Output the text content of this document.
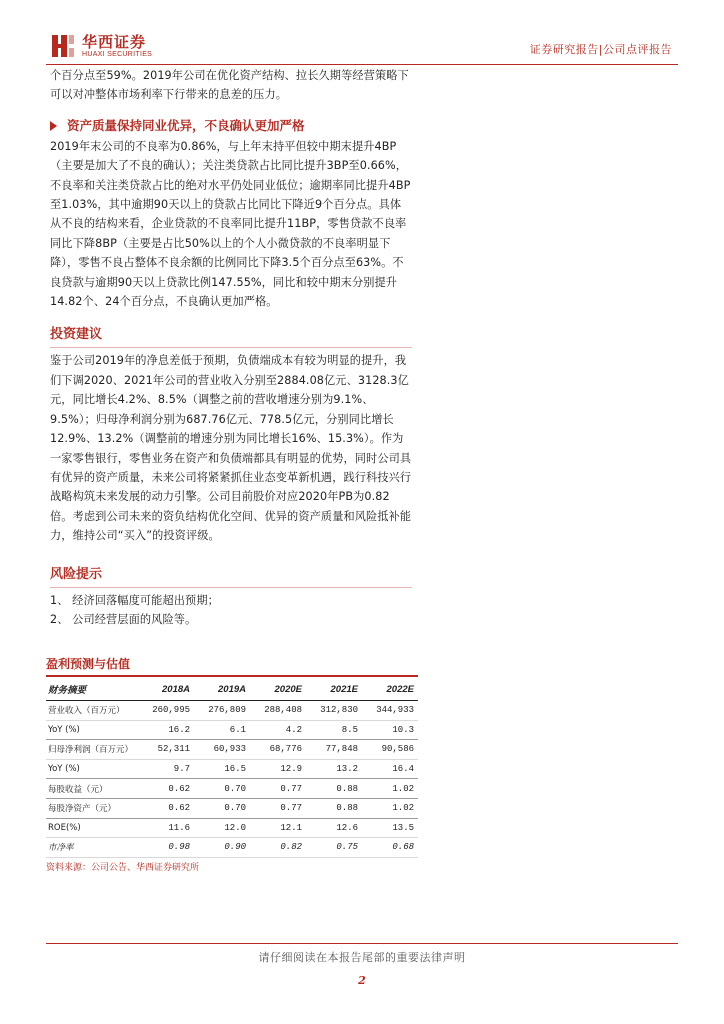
华西证券
HUAXI SECURITIES	证券研究报告|公司点评报告

个百分点至59%。2019年公司在优化资产结构、拉长久期等经营策略下可以对冲整体市场利率下行带来的息差的压力。

资产质量保持同业优异，不良确认更加严格

2019年末公司的不良率为0.86%，与上年末持平但较中期末提升4BP（主要是加大了不良的确认）；关注类贷款占比同比提升3BP至0.66%，不良率和关注类贷款占比的绝对水平仍处同业低位；逾期率同比提升4BP至1.03%，其中逾期90天以上的贷款占比同比下降近9个百分点。具体从不良的结构来看，企业贷款的不良率同比提升11BP，零售贷款不良率同比下降8BP（主要是占比50%以上的个人小微贷款的不良率明显下降），零售不良占整体不良余额的比例同比下降3.5个百分点至63%。不良贷款与逾期90天以上贷款比例147.55%，同比和较中期末分别提升14.82个、24个百分点，不良确认更加严格。

投资建议

鉴于公司2019年的净息差低于预期，负债端成本有较为明显的提升，我们下调2020、2021年公司的营业收入分别至2884.08亿元、3128.3亿元，同比增长4.2%、8.5%（调整之前的营收增速分别为9.1%、9.5%）；归母净利润分别为687.76亿元、778.5亿元，分别同比增长12.9%、13.2%（调整前的增速分别为同比增长16%、15.3%）。作为一家零售银行，零售业务在资产和负债端都具有明显的优势，同时公司具有优异的资产质量，未来公司将紧紧抓住业态变革新机遇，践行科技兴行战略构筑未来发展的动力引擎。公司目前股价对应2020年PB为0.82倍。考虑到公司未来的资负结构优化空间、优异的资产质量和风险抵补能力，维持公司“买入”的投资评级。

风险提示

1、 经济回落幅度可能超出预期；

2、 公司经营层面的风险等。

盈利预测与估值
财务摘要	2018A	2019A	2020E	2021E	2022E
营业收入（百万元）	260,995	276,809	288,408	312,830	344,933
YoY (%)	16.2	6.1	4.2	8.5	10.3
归母净利润（百万元）	52,311	60,933	68,776	77,848	90,586
YoY (%)	9.7	16.5	12.9	13.2	16.4
每股收益（元）	0.62	0.70	0.77	0.88	1.02
每股净资产（元）	0.62	0.70	0.77	0.88	1.02
ROE(%)	11.6	12.0	12.1	12.6	13.5
市净率	0.98	0.90	0.82	0.75	0.68
资料来源：公司公告、华西证券研究所
请仔细阅读在本报告尾部的重要法律声明
2
